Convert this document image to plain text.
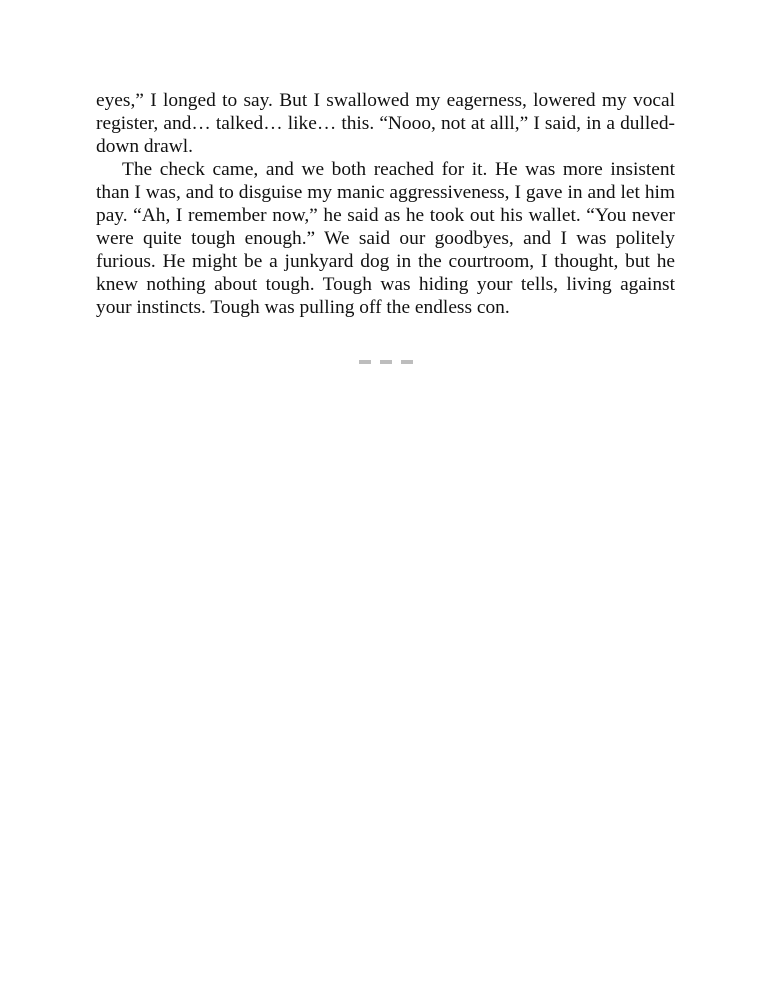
eyes,” I longed to say. But I swallowed my eagerness, lowered my vocal register, and… talked… like… this. “Nooo, not at alll,” I said, in a dulled-down drawl.

The check came, and we both reached for it. He was more insistent than I was, and to disguise my manic aggressiveness, I gave in and let him pay. “Ah, I remember now,” he said as he took out his wallet. “You never were quite tough enough.” We said our goodbyes, and I was politely furious. He might be a junkyard dog in the courtroom, I thought, but he knew nothing about tough. Tough was hiding your tells, living against your instincts. Tough was pulling off the endless con.
